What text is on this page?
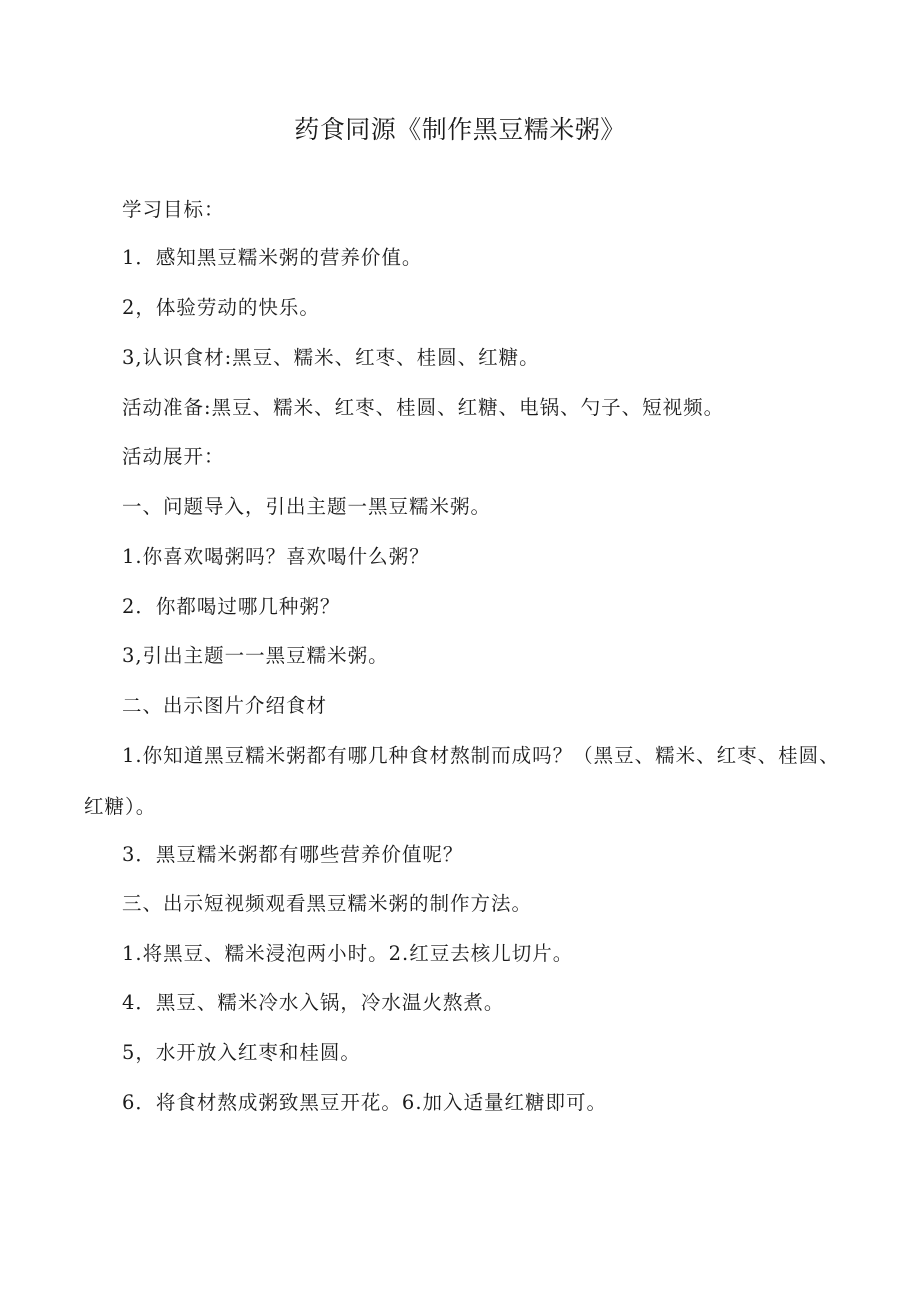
药食同源《制作黑豆糯米粥》
学习目标：
1．感知黑豆糯米粥的营养价值。
2，体验劳动的快乐。
3,认识食材:黑豆、糯米、红枣、桂圆、红糖。
活动准备:黑豆、糯米、红枣、桂圆、红糖、电锅、勺子、短视频。
活动展开：
一、问题导入，引出主题一黑豆糯米粥。
1.你喜欢喝粥吗？喜欢喝什么粥？
2．你都喝过哪几种粥？
3,引出主题一一黑豆糯米粥。
二、出示图片介绍食材
1.你知道黑豆糯米粥都有哪几种食材熬制而成吗？（黑豆、糯米、红枣、桂圆、红糖）。
3．黑豆糯米粥都有哪些营养价值呢？
三、出示短视频观看黑豆糯米粥的制作方法。
1.将黑豆、糯米浸泡两小时。2.红豆去核儿切片。
4．黑豆、糯米冷水入锅，冷水温火熬煮。
5，水开放入红枣和桂圆。
6．将食材熬成粥致黑豆开花。6.加入适量红糖即可。
